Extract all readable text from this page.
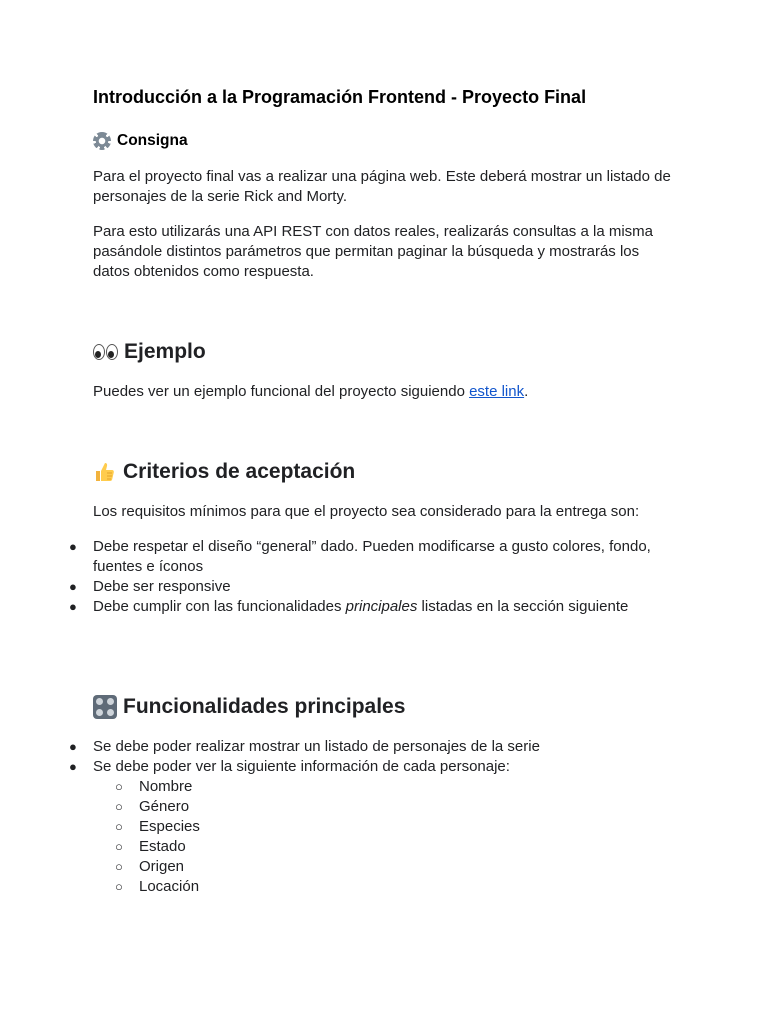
Introducción a la Programación Frontend - Proyecto Final
Consigna

Para el proyecto final vas a realizar una página web. Este deberá mostrar un listado de personajes de la serie Rick and Morty.

Para esto utilizarás una API REST con datos reales, realizarás consultas a la misma pasándole distintos parámetros que permitan paginar la búsqueda y mostrarás los datos obtenidos como respuesta.

Ejemplo

Puedes ver un ejemplo funcional del proyecto siguiendo este link.

Criterios de aceptación

Los requisitos mínimos para que el proyecto sea considerado para la entrega son:

● Debe respetar el diseño “general” dado. Pueden modificarse a gusto colores, fondo, fuentes e íconos
● Debe ser responsive
● Debe cumplir con las funcionalidades principales listadas en la sección siguiente
Funcionalidades principales
● Se debe poder realizar mostrar un listado de personajes de la serie
● Se debe poder ver la siguiente información de cada personaje:
○ Nombre
○ Género
○ Especies
○ Estado
○ Origen
○ Locación
